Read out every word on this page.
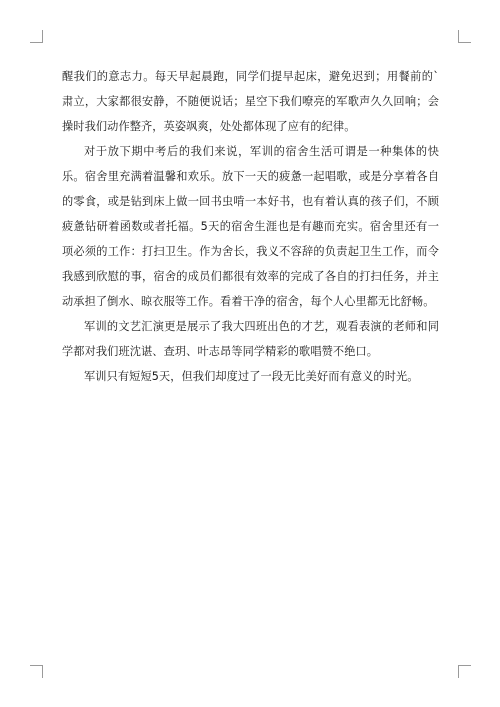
醒我们的意志力。每天早起晨跑，同学们提早起床，避免迟到；用餐前的`肃立，大家都很安静，不随便说话；星空下我们嘹亮的军歌声久久回响；会操时我们动作整齐，英姿飒爽，处处都体现了应有的纪律。

对于放下期中考后的我们来说，军训的宿舍生活可谓是一种集体的快乐。宿舍里充满着温馨和欢乐。放下一天的疲惫一起唱歌，或是分享着各自的零食，或是钻到床上做一回书虫啃一本好书，也有着认真的孩子们，不顾疲惫钻研着函数或者托福。5天的宿舍生涯也是有趣而充实。宿舍里还有一项必须的工作：打扫卫生。作为舍长，我义不容辞的负责起卫生工作，而令我感到欣慰的事，宿舍的成员们都很有效率的完成了各自的打扫任务，并主动承担了倒水、晾衣服等工作。看着干净的宿舍，每个人心里都无比舒畅。

军训的文艺汇演更是展示了我大四班出色的才艺，观看表演的老师和同学都对我们班沈谌、查玥、叶志昂等同学精彩的歌唱赞不绝口。

军训只有短短5天，但我们却度过了一段无比美好而有意义的时光。
